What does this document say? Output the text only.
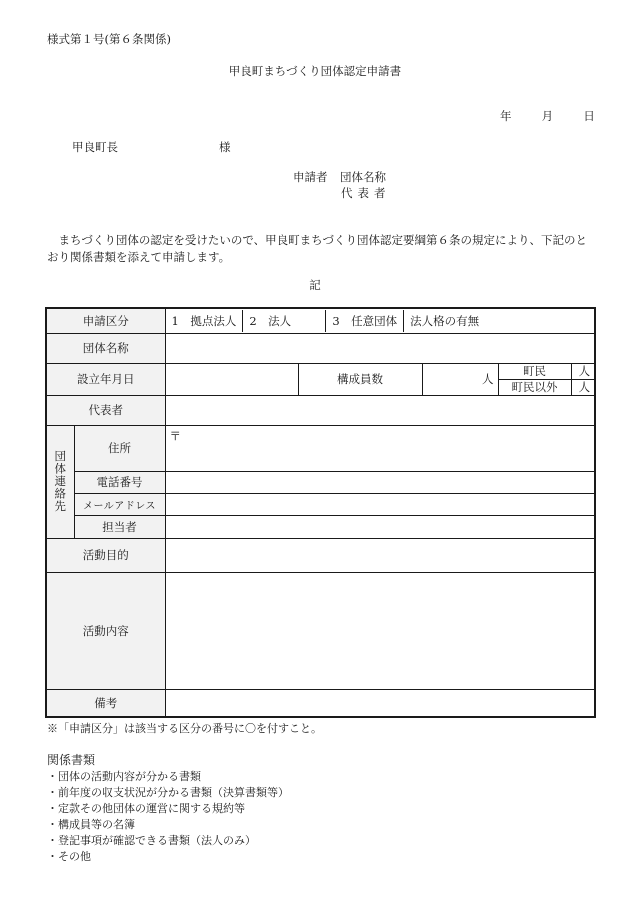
様式第１号(第６条関係)
甲良町まちづくり団体認定申請書
年	月	日
甲良町長	様
申請者 団体名称
代表者
まちづくり団体の認定を受けたいので、甲良町まちづくり団体認定要綱第６条の規定により、下記のとおり関係書類を添えて申請します。
記
申請区分		1　拠点法人 2　法人 3　任意団体 法人格の有無			

団体名称					
設立年月日			構成員数	人	町民 人
町民以外 人

代表者					

団体連絡先	住所	〒			
	電話番号				
	メールアドレス				
	担当者				
活動目的					
活動内容					
備考					
※「申請区分」は該当する区分の番号に〇を付すこと。
関係書類
・ 団体の活動内容が分かる書類
・ 前年度の収支状況が分かる書類（決算書類等）
・ 定款その他団体の運営に関する規約等
・ 構成員等の名簿
・ 登記事項が確認できる書類（法人のみ）
・ その他
